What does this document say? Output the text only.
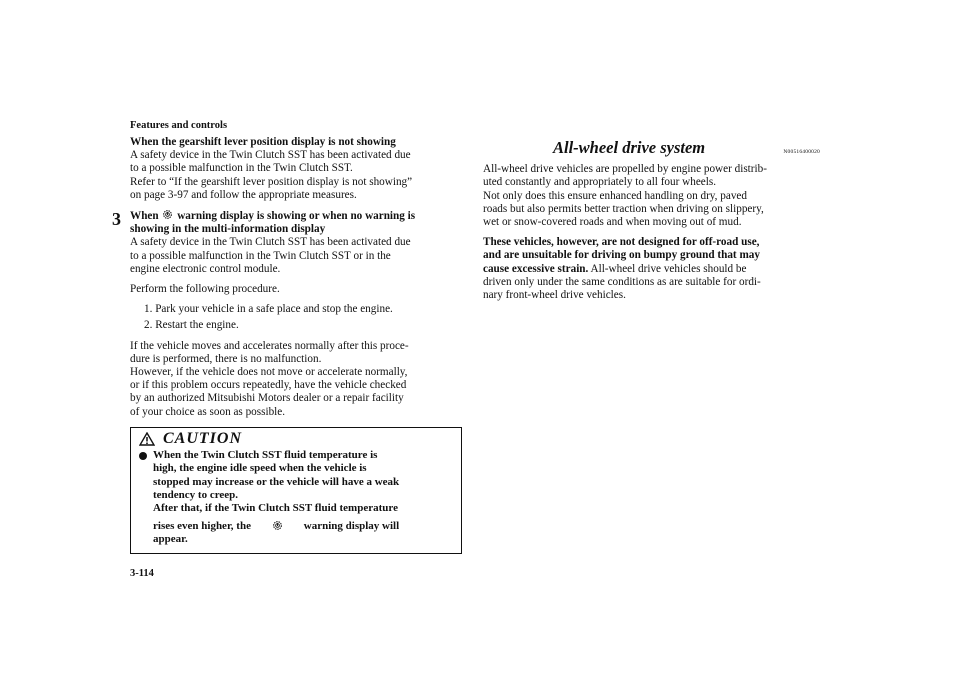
Features and controls
3
3-114
When the gearshift lever position display is not showing
A safety device in the Twin Clutch SST has been activated due
to a possible malfunction in the Twin Clutch SST.
Refer to “If the gearshift lever position display is not showing”
on page 3-97 and follow the appropriate measures.
When warning display is showing or when no warning is
showing in the multi-information display
A safety device in the Twin Clutch SST has been activated due
to a possible malfunction in the Twin Clutch SST or in the
engine electronic control module.
Perform the following procedure.
1. Park your vehicle in a safe place and stop the engine.
2. Restart the engine.
If the vehicle moves and accelerates normally after this proce-
dure is performed, there is no malfunction.
However, if the vehicle does not move or accelerate normally,
or if this problem occurs repeatedly, have the vehicle checked
by an authorized Mitsubishi Motors dealer or a repair facility
of your choice as soon as possible.
CAUTION
When the Twin Clutch SST fluid temperature is
high, the engine idle speed when the vehicle is
stopped may increase or the vehicle will have a weak
tendency to creep.
After that, if the Twin Clutch SST fluid temperature
rises even higher, the	warning display will
appear.
All-wheel drive system	N00516400020
All-wheel drive vehicles are propelled by engine power distrib-
uted constantly and appropriately to all four wheels.
Not only does this ensure enhanced handling on dry, paved
roads but also permits better traction when driving on slippery,
wet or snow-covered roads and when moving out of mud.
These vehicles, however, are not designed for off-road use,
and are unsuitable for driving on bumpy ground that may
cause excessive strain. All-wheel drive vehicles should be
driven only under the same conditions as are suitable for ordi-
nary front-wheel drive vehicles.
